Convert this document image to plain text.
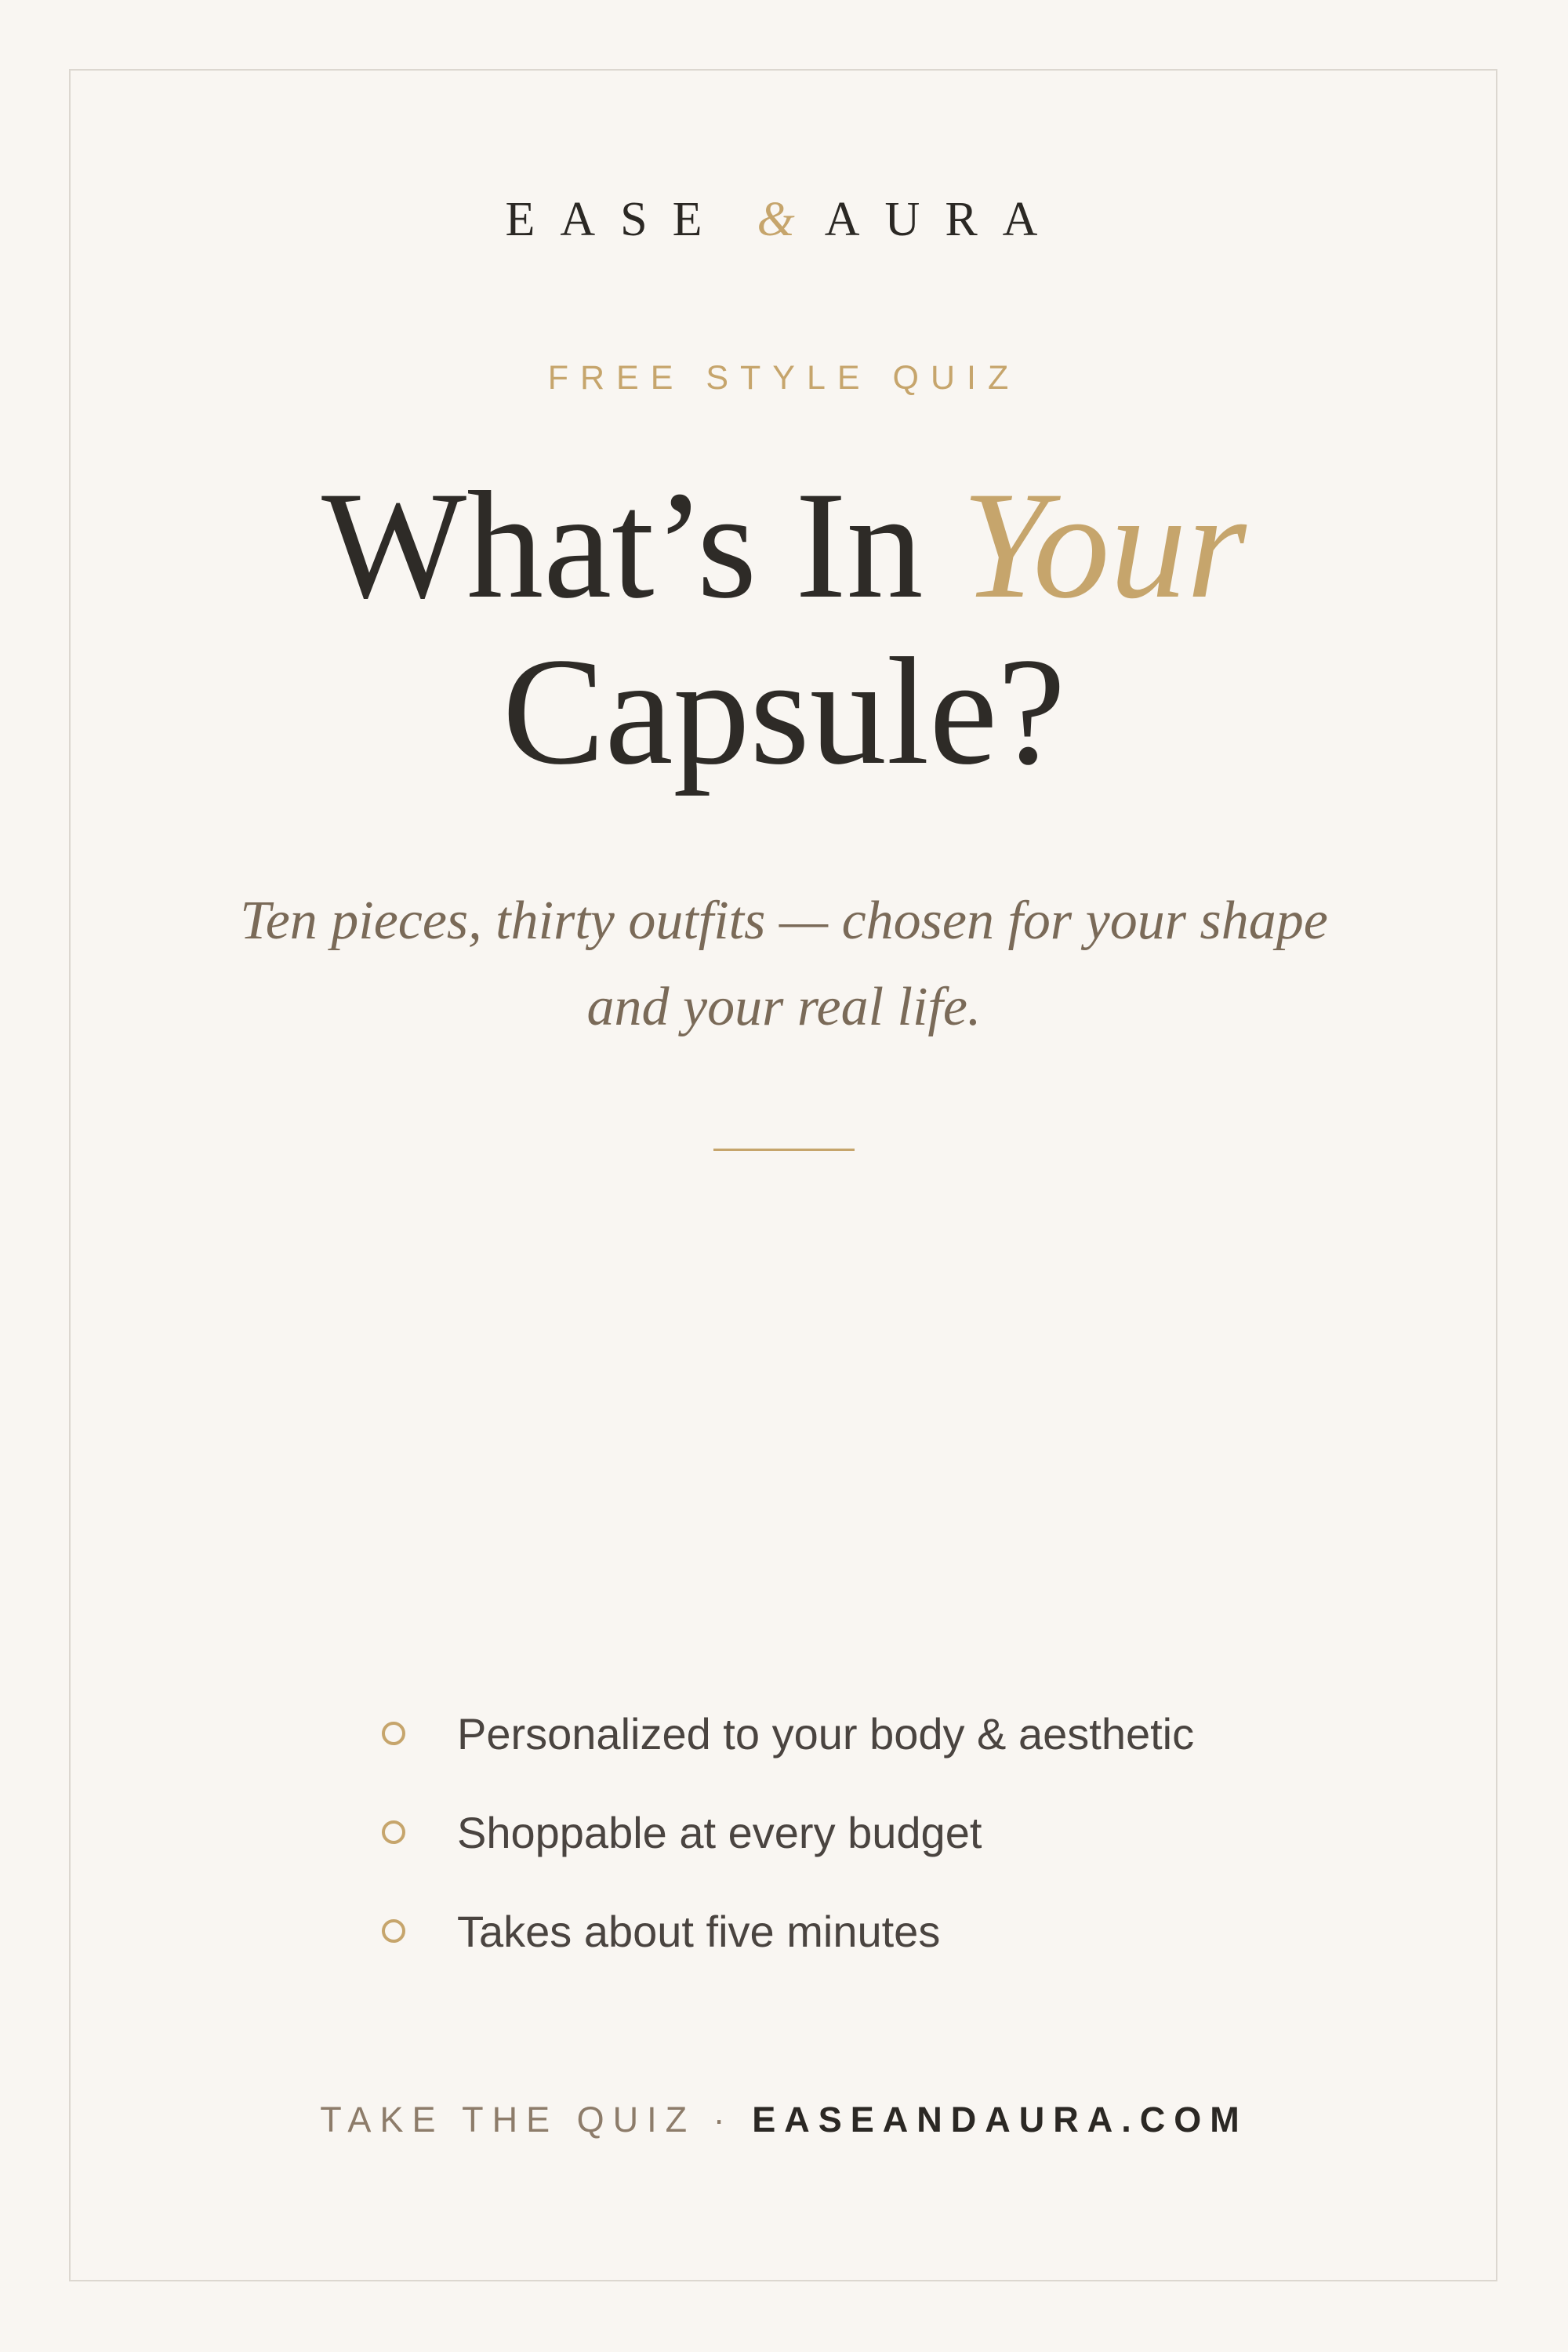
EASE & AURA
FREE STYLE QUIZ
What’s In Your
Capsule?
Ten pieces, thirty outfits — chosen for your shape and your real life.
Personalized to your body & aesthetic
Shoppable at every budget
Takes about five minutes
TAKE THE QUIZ · EASEANDAURA.COM
